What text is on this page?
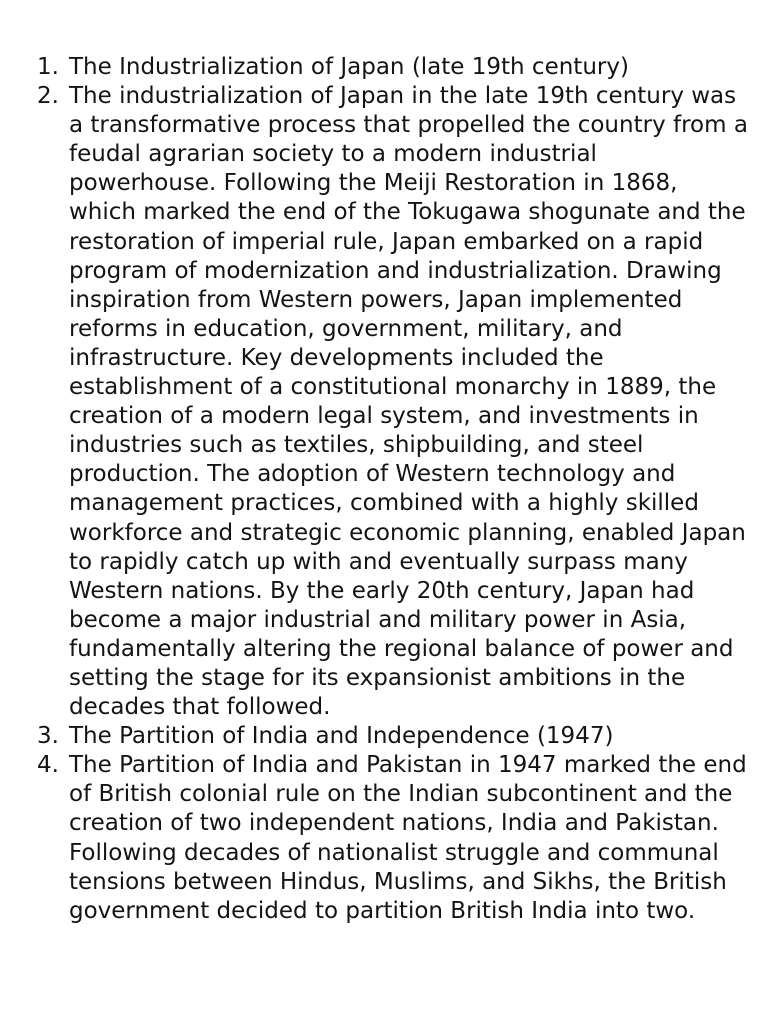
1. The Industrialization of Japan (late 19th century)
2. The industrialization of Japan in the late 19th century was a transformative process that propelled the country from a feudal agrarian society to a modern industrial powerhouse. Following the Meiji Restoration in 1868, which marked the end of the Tokugawa shogunate and the restoration of imperial rule, Japan embarked on a rapid program of modernization and industrialization. Drawing inspiration from Western powers, Japan implemented reforms in education, government, military, and infrastructure. Key developments included the establishment of a constitutional monarchy in 1889, the creation of a modern legal system, and investments in industries such as textiles, shipbuilding, and steel production. The adoption of Western technology and management practices, combined with a highly skilled workforce and strategic economic planning, enabled Japan to rapidly catch up with and eventually surpass many Western nations. By the early 20th century, Japan had become a major industrial and military power in Asia, fundamentally altering the regional balance of power and setting the stage for its expansionist ambitions in the decades that followed.
3. The Partition of India and Independence (1947)
4. The Partition of India and Pakistan in 1947 marked the end of British colonial rule on the Indian subcontinent and the creation of two independent nations, India and Pakistan. Following decades of nationalist struggle and communal tensions between Hindus, Muslims, and Sikhs, the British government decided to partition British India into two.
